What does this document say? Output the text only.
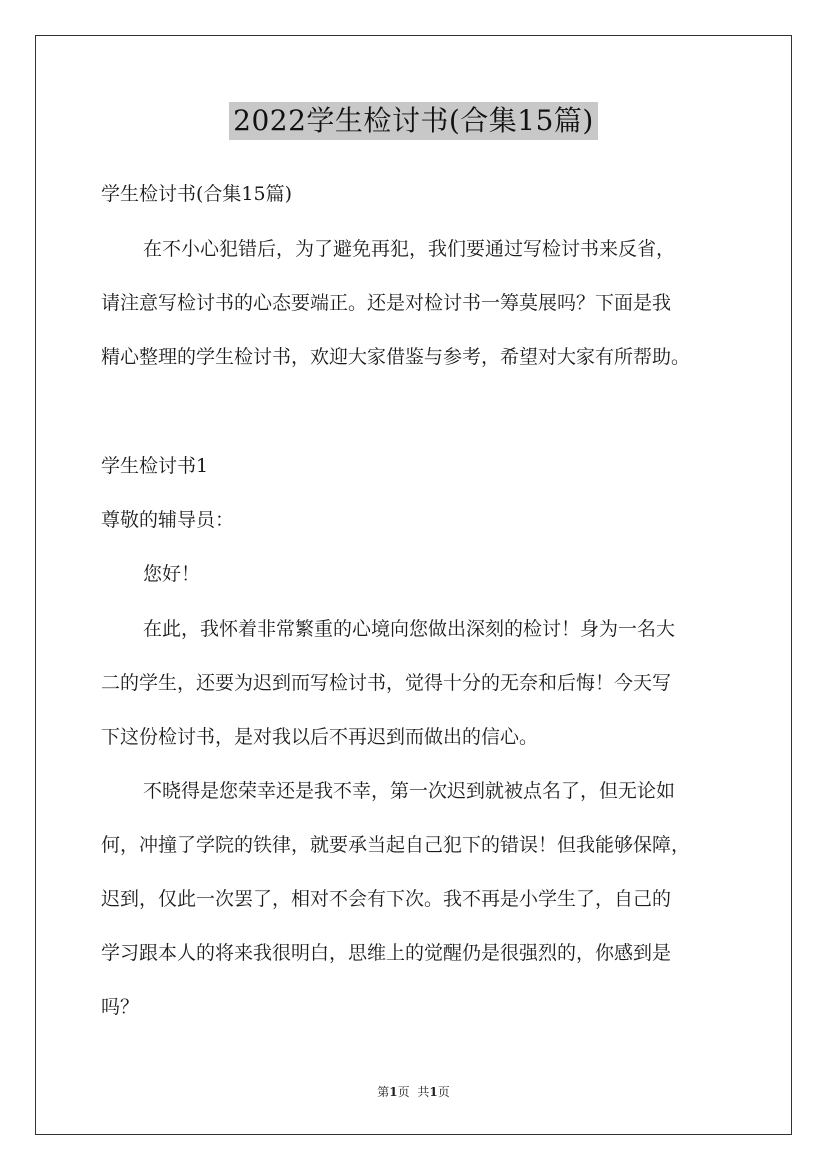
2022学生检讨书(合集15篇)
学生检讨书(合集15篇)
在不小心犯错后，为了避免再犯，我们要通过写检讨书来反省，
请注意写检讨书的心态要端正。还是对检讨书一筹莫展吗？下面是我
精心整理的学生检讨书，欢迎大家借鉴与参考，希望对大家有所帮助。
学生检讨书1
尊敬的辅导员：
您好！
在此，我怀着非常繁重的心境向您做出深刻的检讨！身为一名大
二的学生，还要为迟到而写检讨书，觉得十分的无奈和后悔！今天写
下这份检讨书，是对我以后不再迟到而做出的信心。
不晓得是您荣幸还是我不幸，第一次迟到就被点名了，但无论如
何，冲撞了学院的铁律，就要承当起自己犯下的错误！但我能够保障，
迟到，仅此一次罢了，相对不会有下次。我不再是小学生了，自己的
学习跟本人的将来我很明白，思维上的觉醒仍是很强烈的，你感到是
吗？
第1页 共1页
